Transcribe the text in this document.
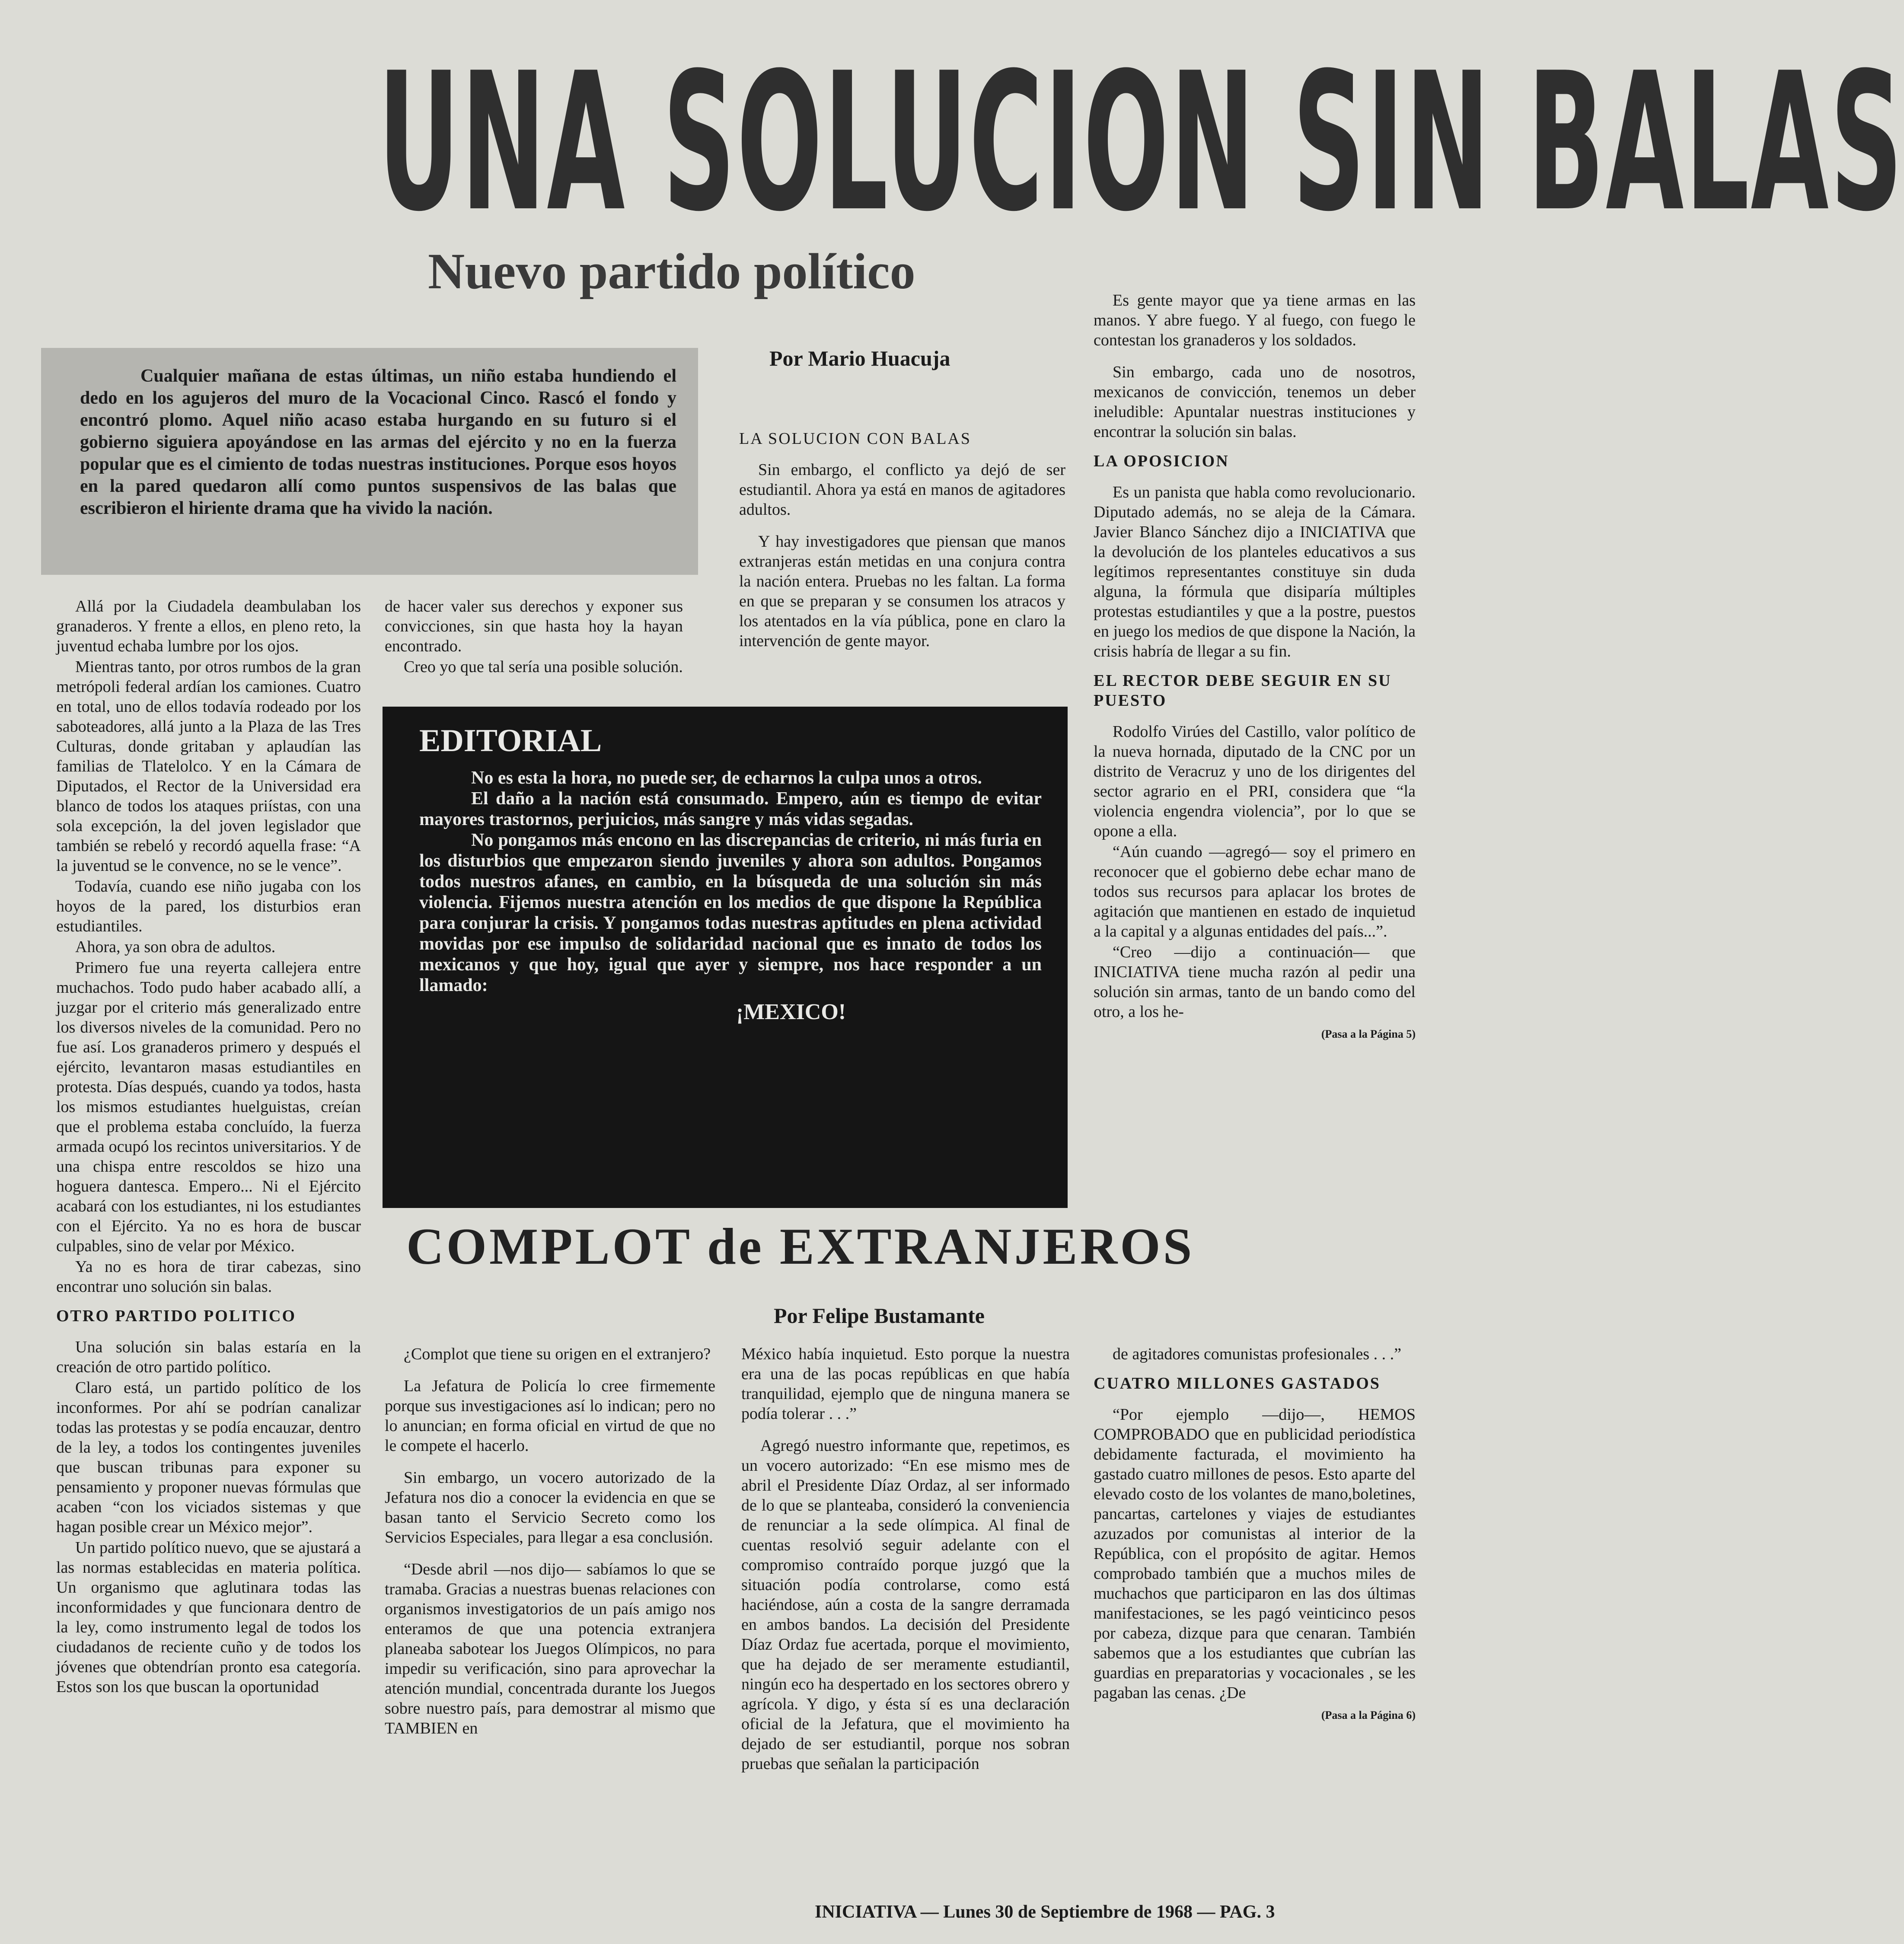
UNA SOLUCION SIN BALAS
Nuevo partido político
Por Mario Huacuja

Cualquier mañana de estas últimas, un niño estaba hundiendo el dedo en los agujeros del muro de la Vocacional Cinco. Rascó el fondo y encontró plomo. Aquel niño acaso estaba hurgando en su futuro si el gobierno siguiera apoyándose en las armas del ejército y no en la fuerza popular que es el cimiento de todas nuestras instituciones. Porque esos hoyos en la pared quedaron allí como puntos suspensivos de las balas que escribieron el hiriente drama que ha vivido la nación.

Allá por la Ciudadela deambulaban los granaderos. Y frente a ellos, en pleno reto, la juventud echaba lumbre por los ojos.

Mientras tanto, por otros rumbos de la gran metrópoli federal ardían los camiones. Cuatro en total, uno de ellos todavía rodeado por los saboteadores, allá junto a la Plaza de las Tres Culturas, donde gritaban y aplaudían las familias de Tlatelolco. Y en la Cámara de Diputados, el Rector de la Universidad era blanco de todos los ataques priístas, con una sola excepción, la del joven legislador que también se rebeló y recordó aquella frase: “A la juventud se le convence, no se le vence”.

Todavía, cuando ese niño jugaba con los hoyos de la pared, los disturbios eran estudiantiles.

Ahora, ya son obra de adultos.

Primero fue una reyerta callejera entre muchachos. Todo pudo haber acabado allí, a juzgar por el criterio más generalizado entre los diversos niveles de la comunidad. Pero no fue así. Los granaderos primero y después el ejército, levantaron masas estudiantiles en protesta. Días después, cuando ya todos, hasta los mismos estudiantes huelguistas, creían que el problema estaba concluído, la fuerza armada ocupó los recintos universitarios. Y de una chispa entre rescoldos se hizo una hoguera dantesca. Empero... Ni el Ejército acabará con los estudiantes, ni los estudiantes con el Ejército. Ya no es hora de buscar culpables, sino de velar por México.

Ya no es hora de tirar cabezas, sino encontrar uno solución sin balas.

OTRO PARTIDO POLITICO

Una solución sin balas estaría en la creación de otro partido político.

Claro está, un partido político de los inconformes. Por ahí se podrían canalizar todas las protestas y se podía encauzar, dentro de la ley, a todos los contingentes juveniles que buscan tribunas para exponer su pensamiento y proponer nuevas fórmulas que acaben “con los viciados sistemas y que hagan posible crear un México mejor”.

Un partido político nuevo, que se ajustará a las normas establecidas en materia política. Un organismo que aglutinara todas las inconformidades y que funcionara dentro de la ley, como instrumento legal de todos los ciudadanos de reciente cuño y de todos los jóvenes que obtendrían pronto esa categoría. Estos son los que buscan la oportunidad

de hacer valer sus derechos y exponer sus convicciones, sin que hasta hoy la hayan encontrado.

Creo yo que tal sería una posible solución.

LA SOLUCION CON BALAS

Sin embargo, el conflicto ya dejó de ser estudiantil. Ahora ya está en manos de agitadores adultos.

Y hay investigadores que piensan que manos extranjeras están metidas en una conjura contra la nación entera. Pruebas no les faltan. La forma en que se preparan y se consumen los atracos y los atentados en la vía pública, pone en claro la intervención de gente mayor.

Es gente mayor que ya tiene armas en las manos. Y abre fuego. Y al fuego, con fuego le contestan los granaderos y los soldados.

Sin embargo, cada uno de nosotros, mexicanos de convicción, tenemos un deber ineludible: Apuntalar nuestras instituciones y encontrar la solución sin balas.

LA OPOSICION

Es un panista que habla como revolucionario. Diputado además, no se aleja de la Cámara. Javier Blanco Sánchez dijo a INICIATIVA que la devolución de los planteles educativos a sus legítimos representantes constituye sin duda alguna, la fórmula que disiparía múltiples protestas estudiantiles y que a la postre, puestos en juego los medios de que dispone la Nación, la crisis habría de llegar a su fin.

EL RECTOR DEBE SEGUIR EN SU PUESTO

Rodolfo Virúes del Castillo, valor político de la nueva hornada, diputado de la CNC por un distrito de Veracruz y uno de los dirigentes del sector agrario en el PRI, considera que “la violencia engendra violencia”, por lo que se opone a ella.

“Aún cuando —agregó— soy el primero en reconocer que el gobierno debe echar mano de todos sus recursos para aplacar los brotes de agitación que mantienen en estado de inquietud a la capital y a algunas entidades del país...”.

“Creo —dijo a continuación— que INICIATIVA tiene mucha razón al pedir una solución sin armas, tanto de un bando como del otro, a los he-

(Pasa a la Página 5)
EDITORIAL

No es esta la hora, no puede ser, de echarnos la culpa unos a otros.

El daño a la nación está consumado. Empero, aún es tiempo de evitar mayores trastornos, perjuicios, más sangre y más vidas segadas.

No pongamos más encono en las discrepancias de criterio, ni más furia en los disturbios que empezaron siendo juveniles y ahora son adultos. Pongamos todos nuestros afanes, en cambio, en la búsqueda de una solución sin más violencia. Fijemos nuestra atención en los medios de que dispone la República para conjurar la crisis. Y pongamos todas nuestras aptitudes en plena actividad movidas por ese impulso de solidaridad nacional que es innato de todos los mexicanos y que hoy, igual que ayer y siempre, nos hace responder a un llamado:

¡MEXICO!
COMPLOT de EXTRANJEROS
Por Felipe Bustamante

¿Complot que tiene su origen en el extranjero?

La Jefatura de Policía lo cree firmemente porque sus investigaciones así lo indican; pero no lo anuncian; en forma oficial en virtud de que no le compete el hacerlo.

Sin embargo, un vocero autorizado de la Jefatura nos dio a conocer la evidencia en que se basan tanto el Servicio Secreto como los Servicios Especiales, para llegar a esa conclusión.

“Desde abril —nos dijo— sabíamos lo que se tramaba. Gracias a nuestras buenas relaciones con organismos investigatorios de un país amigo nos enteramos de que una potencia extranjera planeaba sabotear los Juegos Olímpicos, no para impedir su verificación, sino para aprovechar la atención mundial, concentrada durante los Juegos sobre nuestro país, para demostrar al mismo que TAMBIEN en

México había inquietud. Esto porque la nuestra era una de las pocas repúblicas en que había tranquilidad, ejemplo que de ninguna manera se podía tolerar . . .”

Agregó nuestro informante que, repetimos, es un vocero autorizado: “En ese mismo mes de abril el Presidente Díaz Ordaz, al ser informado de lo que se planteaba, consideró la conveniencia de renunciar a la sede olímpica. Al final de cuentas resolvió seguir adelante con el compromiso contraído porque juzgó que la situación podía controlarse, como está haciéndose, aún a costa de la sangre derramada en ambos bandos. La decisión del Presidente Díaz Ordaz fue acertada, porque el movimiento, que ha dejado de ser meramente estudiantil, ningún eco ha despertado en los sectores obrero y agrícola. Y digo, y ésta sí es una declaración oficial de la Jefatura, que el movimiento ha dejado de ser estudiantil, porque nos sobran pruebas que señalan la participación

de agitadores comunistas profesionales . . .”

CUATRO MILLONES GASTADOS

“Por ejemplo —dijo—, HEMOS COMPROBADO que en publicidad periodística debidamente facturada, el movimiento ha gastado cuatro millones de pesos. Esto aparte del elevado costo de los volantes de mano,boletines, pancartas, cartelones y viajes de estudiantes azuzados por comunistas al interior de la República, con el propósito de agitar. Hemos comprobado también que a muchos miles de muchachos que participaron en las dos últimas manifestaciones, se les pagó veinticinco pesos por cabeza, dizque para que cenaran. También sabemos que a los estudiantes que cubrían las guardias en preparatorias y vocacionales , se les pagaban las cenas. ¿De

(Pasa a la Página 6)
INICIATIVA — Lunes 30 de Septiembre de 1968 — PAG. 3
